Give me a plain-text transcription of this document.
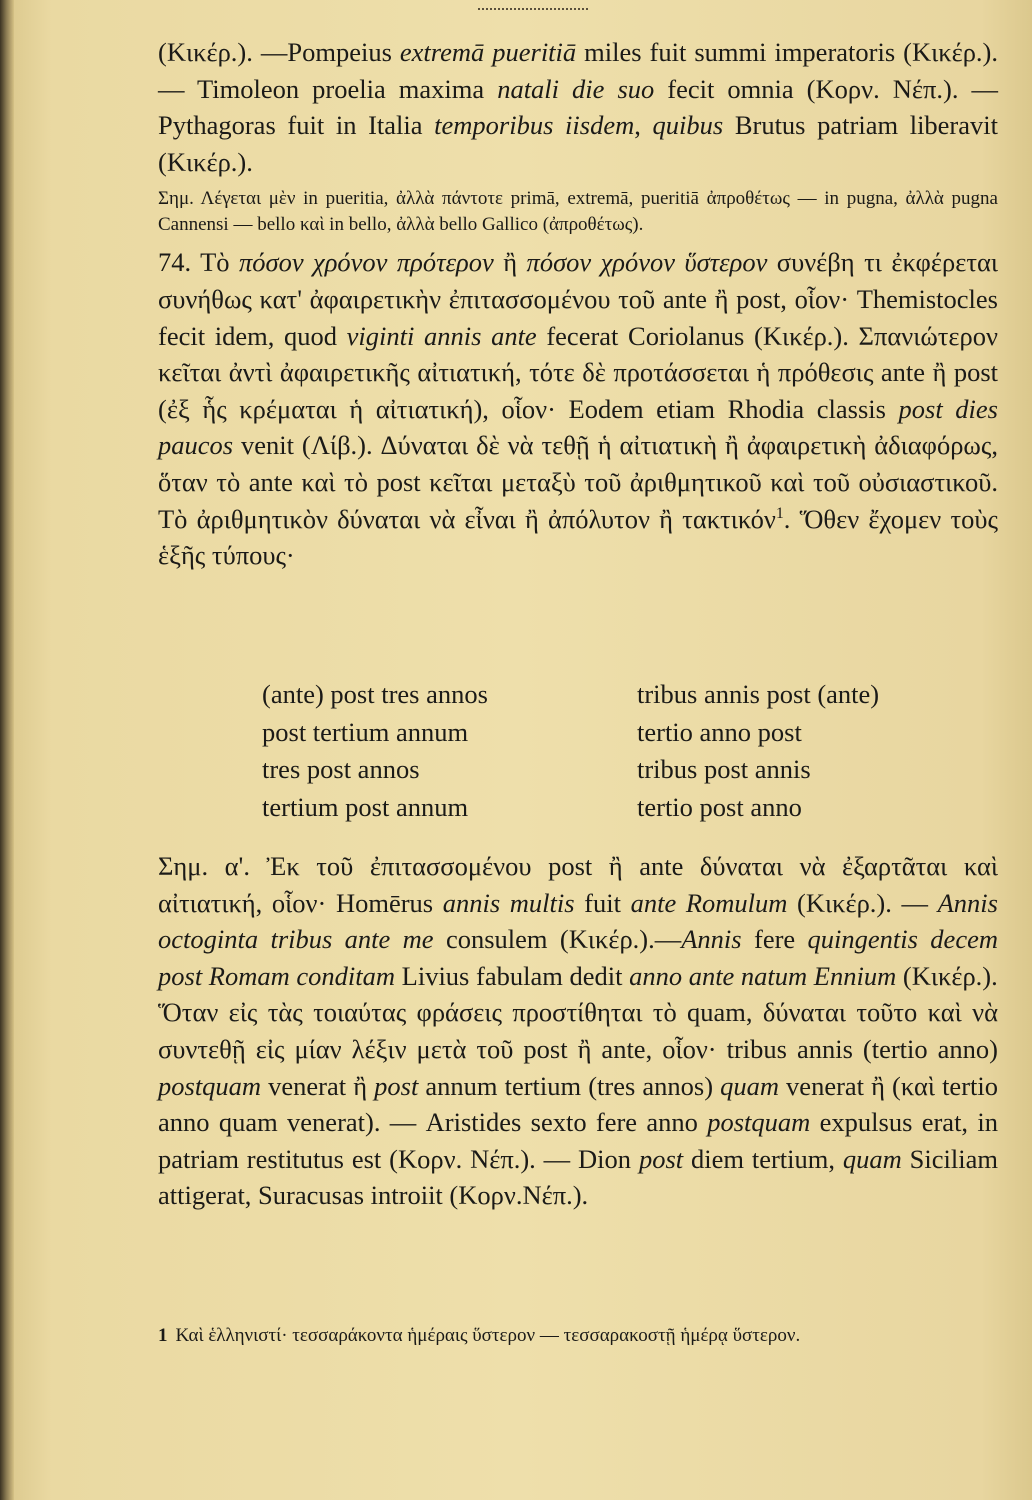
(Κικέρ.). —Pompeius extremā pueritiā miles fuit summi imperatoris (Κικέρ.). — Timoleon proelia maxima natali die suo fecit omnia (Κορν. Νέπ.). —Pythagoras fuit in Italia temporibus iisdem, quibus Brutus patriam liberavit (Κικέρ.).

Σημ. Λέγεται μὲν in pueritia, ἀλλὰ πάντοτε primā, extremā, pueritiā ἀπροθέτως — in pugna, ἀλλὰ pugna Cannensi — bello καὶ in bello, ἀλλὰ bello Gallico (ἀπροθέτως).

74. Τὸ πόσον χρόνον πρότερον ἢ πόσον χρόνον ὕστερον συνέβη τι ἐκφέρεται συνήθως κατ' ἀφαιρετικὴν ἐπιτασσομένου τοῦ ante ἢ post, οἷον· Themistocles fecit idem, quod viginti annis ante fecerat Coriolanus (Κικέρ.). Σπανιώτερον κεῖται ἀντὶ ἀφαιρετικῆς αἰτιατική, τότε δὲ προτάσσεται ἡ πρόθεσις ante ἢ post (ἐξ ἧς κρέμαται ἡ αἰτιατική), οἷον· Eodem etiam Rhodia classis post dies paucos venit (Λίβ.). Δύναται δὲ νὰ τεθῇ ἡ αἰτιατικὴ ἢ ἀφαιρετικὴ ἀδιαφόρως, ὅταν τὸ ante καὶ τὸ post κεῖται μεταξὺ τοῦ ἀριθμητικοῦ καὶ τοῦ οὐσιαστικοῦ. Τὸ ἀριθμητικὸν δύναται νὰ εἶναι ἢ ἀπόλυτον ἢ τακτικόν$^1$. Ὅθεν ἔχομεν τοὺς ἑξῆς τύπους·

(ante) post tres annos	tribus annis post (ante)
post tertium annum	tertio anno post
tres post annos	tribus post annis
tertium post annum	tertio post anno

Σημ. α'. Ἐκ τοῦ ἐπιτασσομένου post ἢ ante δύναται νὰ ἐξαρτᾶται καὶ αἰτιατική, οἷον· Homērus annis multis fuit ante Romulum (Κικέρ.). — Annis octoginta tribus ante me consulem (Κικέρ.).—Annis fere quingentis decem post Romam conditam Livius fabulam dedit anno ante natum Ennium (Κικέρ.).

Ὅταν εἰς τὰς τοιαύτας φράσεις προστίθηται τὸ quam, δύναται τοῦτο καὶ νὰ συντεθῇ εἰς μίαν λέξιν μετὰ τοῦ post ἢ ante, οἷον· tribus annis (tertio anno) postquam venerat ἢ post annum tertium (tres annos) quam venerat ἢ (καὶ tertio anno quam venerat). — Aristides sexto fere anno postquam expulsus erat, in patriam restitutus est (Κορν. Νέπ.). — Dion post diem tertium, quam Siciliam attigerat, Suracusas introiit (Κορν.Νέπ.).

1 Καὶ ἑλληνιστί· τεσσαράκοντα ἡμέραις ὕστερον — τεσσαρακοστῇ ἡμέρᾳ ὕστερον.
